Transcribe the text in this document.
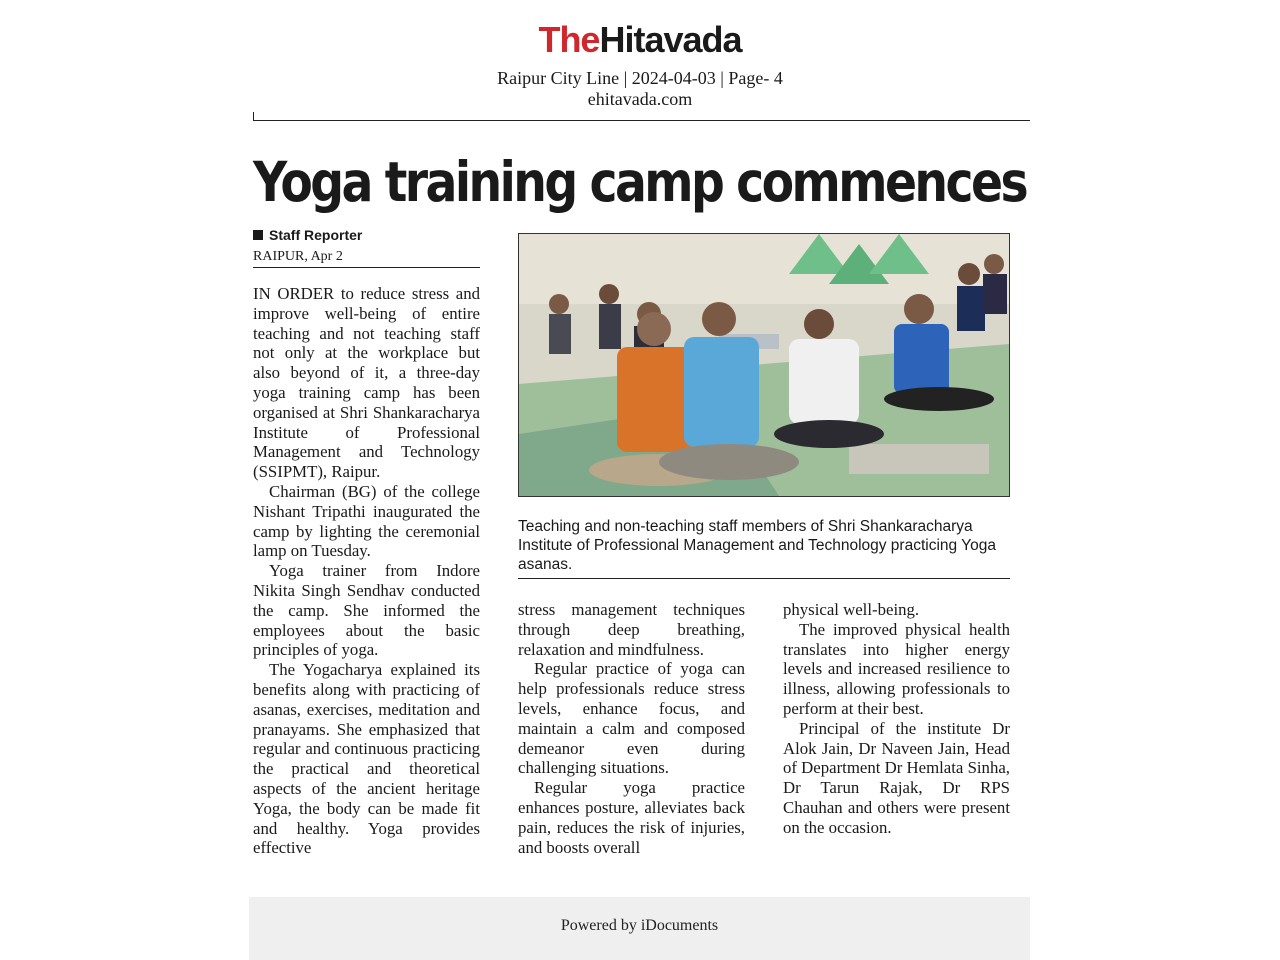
TheHitavada
Raipur City Line | 2024-04-03 | Page- 4
ehitavada.com
Yoga training camp commences
Staff Reporter
RAIPUR, Apr 2

IN ORDER to reduce stress and improve well-being of entire teaching and not teaching staff not only at the workplace but also beyond of it, a three-day yoga training camp has been organised at Shri Shankaracharya Institute of Professional Management and Technology (SSIPMT), Raipur.

Chairman (BG) of the college Nishant Tripathi inaugurated the camp by lighting the ceremonial lamp on Tuesday.

Yoga trainer from Indore Nikita Singh Sendhav conducted the camp. She informed the employees about the basic principles of yoga.

The Yogacharya explained its benefits along with practicing of asanas, exercises, meditation and pranayams. She emphasized that regular and continuous practicing the practical and theoretical aspects of the ancient heritage Yoga, the body can be made fit and healthy. Yoga provides effective

Teaching and non-teaching staff members of Shri Shankaracharya Institute of Professional Management and Technology practicing Yoga asanas.

stress management techniques through deep breathing, relaxation and mindfulness.

Regular practice of yoga can help professionals reduce stress levels, enhance focus, and maintain a calm and composed demeanor even during challenging situations.

Regular yoga practice enhances posture, alleviates back pain, reduces the risk of injuries, and boosts overall

physical well-being.

The improved physical health translates into higher energy levels and increased resilience to illness, allowing professionals to perform at their best.

Principal of the institute Dr Alok Jain, Dr Naveen Jain, Head of Department Dr Hemlata Sinha, Dr Tarun Rajak, Dr RPS Chauhan and others were present on the occasion.

Powered by iDocuments
